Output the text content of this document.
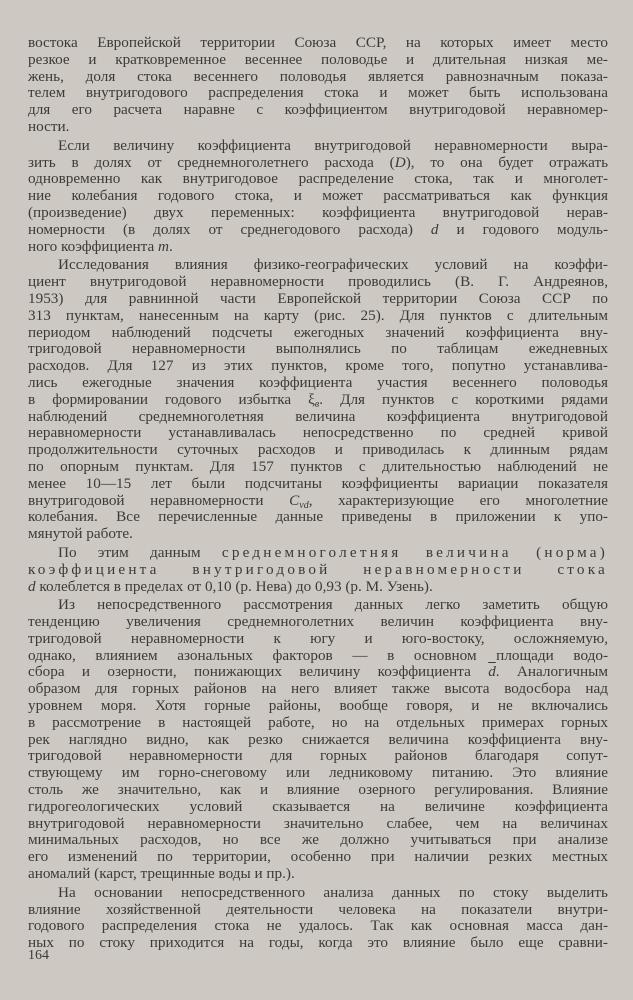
востока Европейской территории Союза ССР, на которых имеет место
резкое и кратковременное весеннее половодье и длительная низкая ме-
жень, доля стока весеннего половодья является равнозначным показа-
телем внутригодового распределения стока и может быть использована
для его расчета наравне с коэффициентом внутригодовой неравномер-
ности.
Если величину коэффициента внутригодовой неравномерности выра-
зить в долях от среднемноголетнего расхода (D), то она будет отражать
одновременно как внутригодовое распределение стока, так и многолет-
ние колебания годового стока, и может рассматриваться как функция
(произведение) двух переменных: коэффициента внутригодовой нерав-
номерности (в долях от среднегодового расхода) d и годового модуль-
ного коэффициента m.
Исследования влияния физико-географических условий на коэффи-
циент внутригодовой неравномерности проводились (В. Г. Андреянов,
1953) для равнинной части Европейской территории Союза ССР по
313 пунктам, нанесенным на карту (рис. 25). Для пунктов с длительным
периодом наблюдений подсчеты ежегодных значений коэффициента вну-
тригодовой неравномерности выполнялись по таблицам ежедневных
расходов. Для 127 из этих пунктов, кроме того, попутно устанавлива-
лись ежегодные значения коэффициента участия весеннего половодья
в формировании годового избытка $\xi_в$. Для пунктов с короткими рядами
наблюдений среднемноголетняя величина коэффициента внутригодовой
неравномерности устанавливалась непосредственно по средней кривой
продолжительности суточных расходов и приводилась к длинным рядам
по опорным пунктам. Для 157 пунктов с длительностью наблюдений не
менее 10—15 лет были подсчитаны коэффициенты вариации показателя
внутригодовой неравномерности $C_{vd}$, характеризующие его многолетние
колебания. Все перечисленные данные приведены в приложении к упо-
мянутой работе.
По этим данным среднемноголетняя величина (норма)
коэффициента внутригодовой неравномерности стока
d колеблется в пределах от 0,10 (р. Нева) до 0,93 (р. М. Узень).
Из непосредственного рассмотрения данных легко заметить общую
тенденцию увеличения среднемноголетних величин коэффициента вну-
тригодовой неравномерности к югу и юго-востоку, осложняемую,
однако, влиянием азональных факторов — в основном площади водо-
сбора и озерности, понижающих величину коэффициента $\overline{d}$. Аналогичным
образом для горных районов на него влияет также высота водосбора над
уровнем моря. Хотя горные районы, вообще говоря, и не включались
в рассмотрение в настоящей работе, но на отдельных примерах горных
рек наглядно видно, как резко снижается величина коэффициента вну-
тригодовой неравномерности для горных районов благодаря сопут-
ствующему им горно-снеговому или ледниковому питанию. Это влияние
столь же значительно, как и влияние озерного регулирования. Влияние
гидрогеологических условий сказывается на величине коэффициента
внутригодовой неравномерности значительно слабее, чем на величинах
минимальных расходов, но все же должно учитываться при анализе
его изменений по территории, особенно при наличии резких местных
аномалий (карст, трещинные воды и пр.).
На основании непосредственного анализа данных по стоку выделить
влияние хозяйственной деятельности человека на показатели внутри-
годового распределения стока не удалось. Так как основная масса дан-
ных по стоку приходится на годы, когда это влияние было еще сравни-
164
